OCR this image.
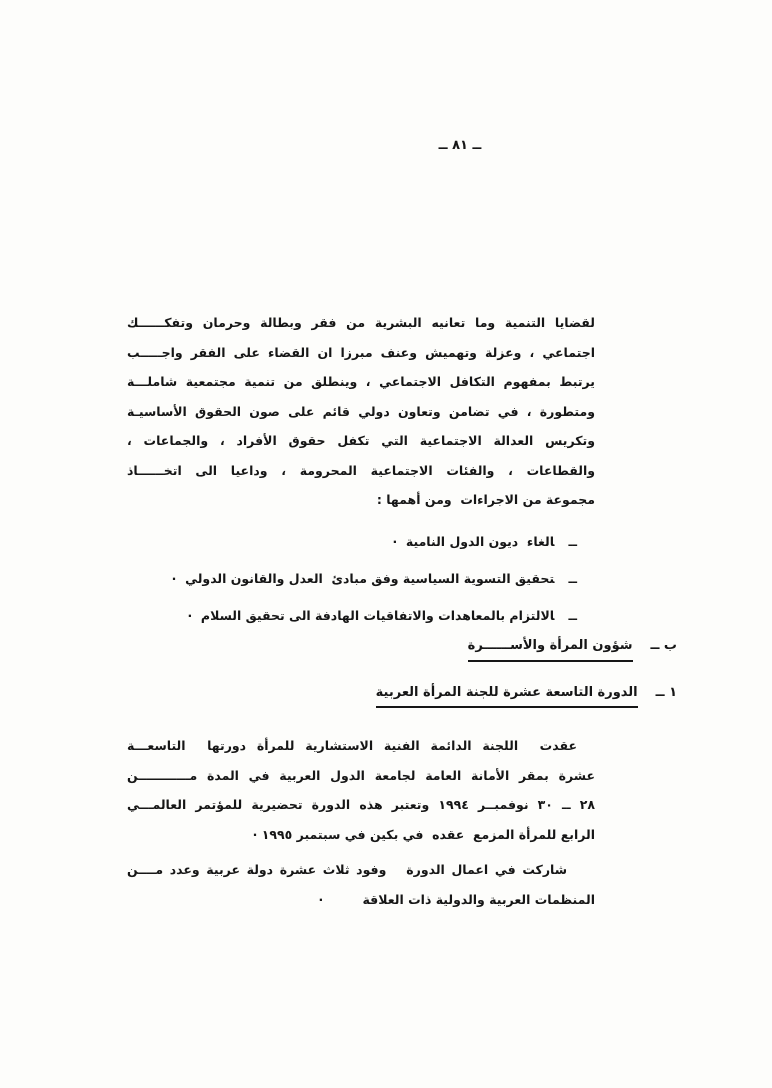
ــ ٨١ ــ
لقضايا التنمية وما تعانيه البشرية من فقر وبطالة وحرمان وتفكــــــك
اجتماعي ، وعزلة وتهميش وعنف مبرزا ان القضاء على الفقر واجـــــب
يرتبط بمفهوم التكافل الاجتماعي ، وينطلق من تنمية مجتمعية شاملـــة
ومتطورة ، في تضامن وتعاون دولي قائم على صون الحقوق الأساسيـة
وتكريس العدالة الاجتماعية التي تكفل حقوق الأفراد ، والجماعات ،
والقطاعات ، والفئات الاجتماعية المحرومة ، وداعيا الى اتخــــــاذ
مجموعة من الاجراءات  ومن أهمها :
ــالغاء  ديون الدول النامية  ·
ــتحقيق التسوية السياسية وفق مبادئ  العدل والقانون الدولي  ·
ــالالتزام بالمعاهدات والاتفاقيات الهادفة الى تحقيق السلام  ·
ب ــشؤون المرأة والأســــــرة
١ ــالدورة التاسعة عشرة للجنة المرأة العربية
عقدت  اللجنة الدائمة الفنية الاستشارية للمرأة دورتها  التاسعـــة
عشرة بمقر الأمانة العامة لجامعة الدول العربية في المدة مــــــــــــن
٢٨ ــ ٣٠ نوفمبــر ١٩٩٤ وتعتبر هذه الدورة تحضيرية للمؤتمر العالمـــي
الرابع للمرأة المزمع  عقده  في بكين في سبتمبر ١٩٩٥ ·
شاركت في اعمال الدورة   وفود ثلاث عشرة دولة عربية وعدد مــــن
المنظمات العربية والدولية ذات العلاقة         ·
